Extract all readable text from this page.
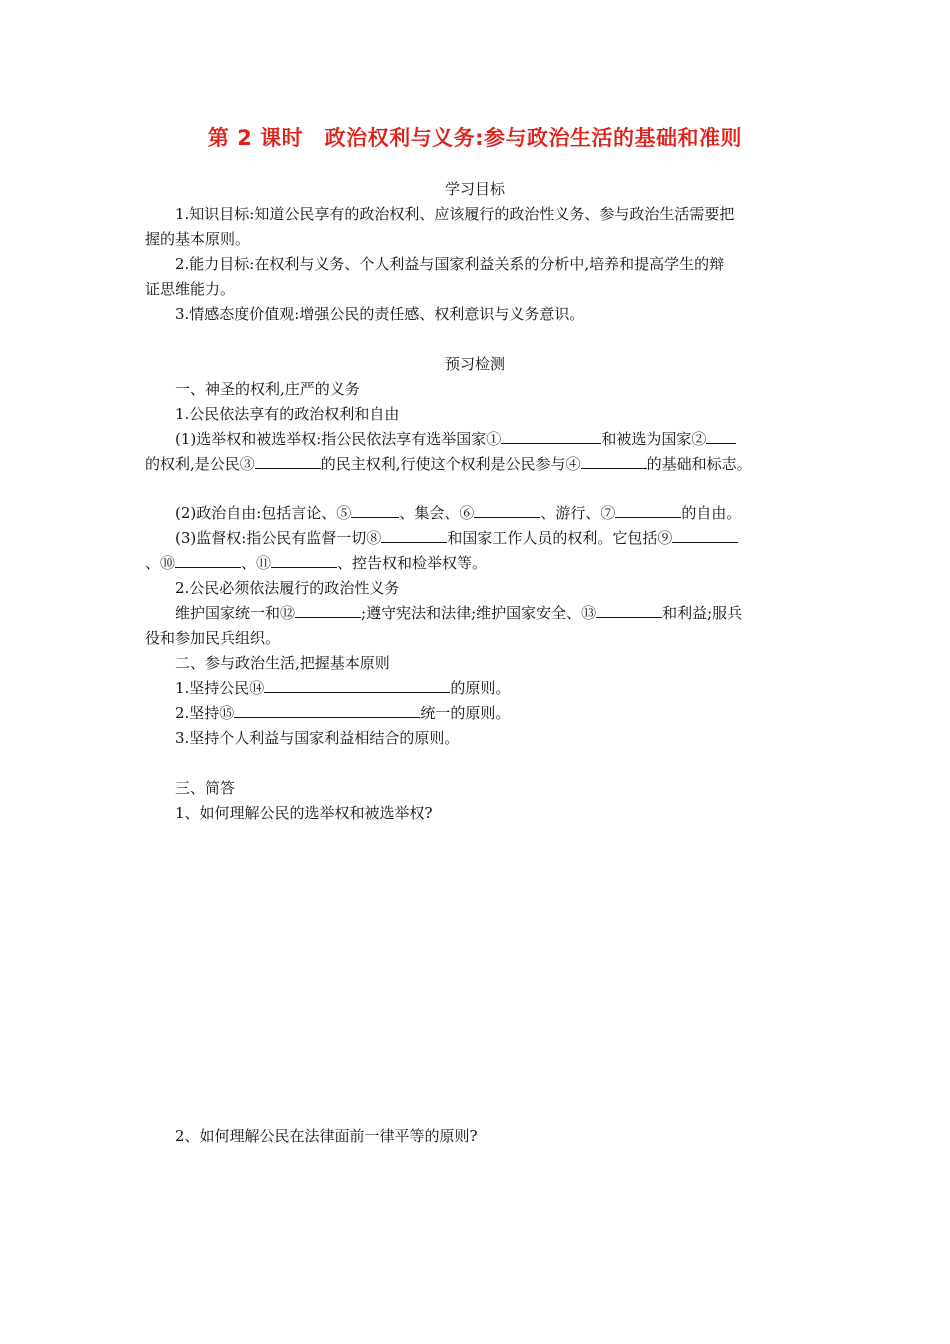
第 2 课时　政治权利与义务:参与政治生活的基础和准则
学习目标
1.知识目标:知道公民享有的政治权利、应该履行的政治性义务、参与政治生活需要把
握的基本原则。
2.能力目标:在权利与义务、个人利益与国家利益关系的分析中,培养和提高学生的辩
证思维能力。
3.情感态度价值观:增强公民的责任感、权利意识与义务意识。
预习检测
一、神圣的权利,庄严的义务
1.公民依法享有的政治权利和自由
(1)选举权和被选举权:指公民依法享有选举国家①	和被选为国家②
的权利,是公民③	的民主权利,行使这个权利是公民参与④	的基础和标志。
(2)政治自由:包括言论、⑤	、集会、⑥	、游行、⑦	的自由。
(3)监督权:指公民有监督一切⑧	和国家工作人员的权利。它包括⑨
、⑩	、⑪	、控告权和检举权等。
2.公民必须依法履行的政治性义务
维护国家统一和⑫	;遵守宪法和法律;维护国家安全、⑬	和利益;服兵
役和参加民兵组织。
二、参与政治生活,把握基本原则
1.坚持公民⑭	的原则。
2.坚持⑮	统一的原则。
3.坚持个人利益与国家利益相结合的原则。
三、简答
1、如何理解公民的选举权和被选举权?
2、如何理解公民在法律面前一律平等的原则?
